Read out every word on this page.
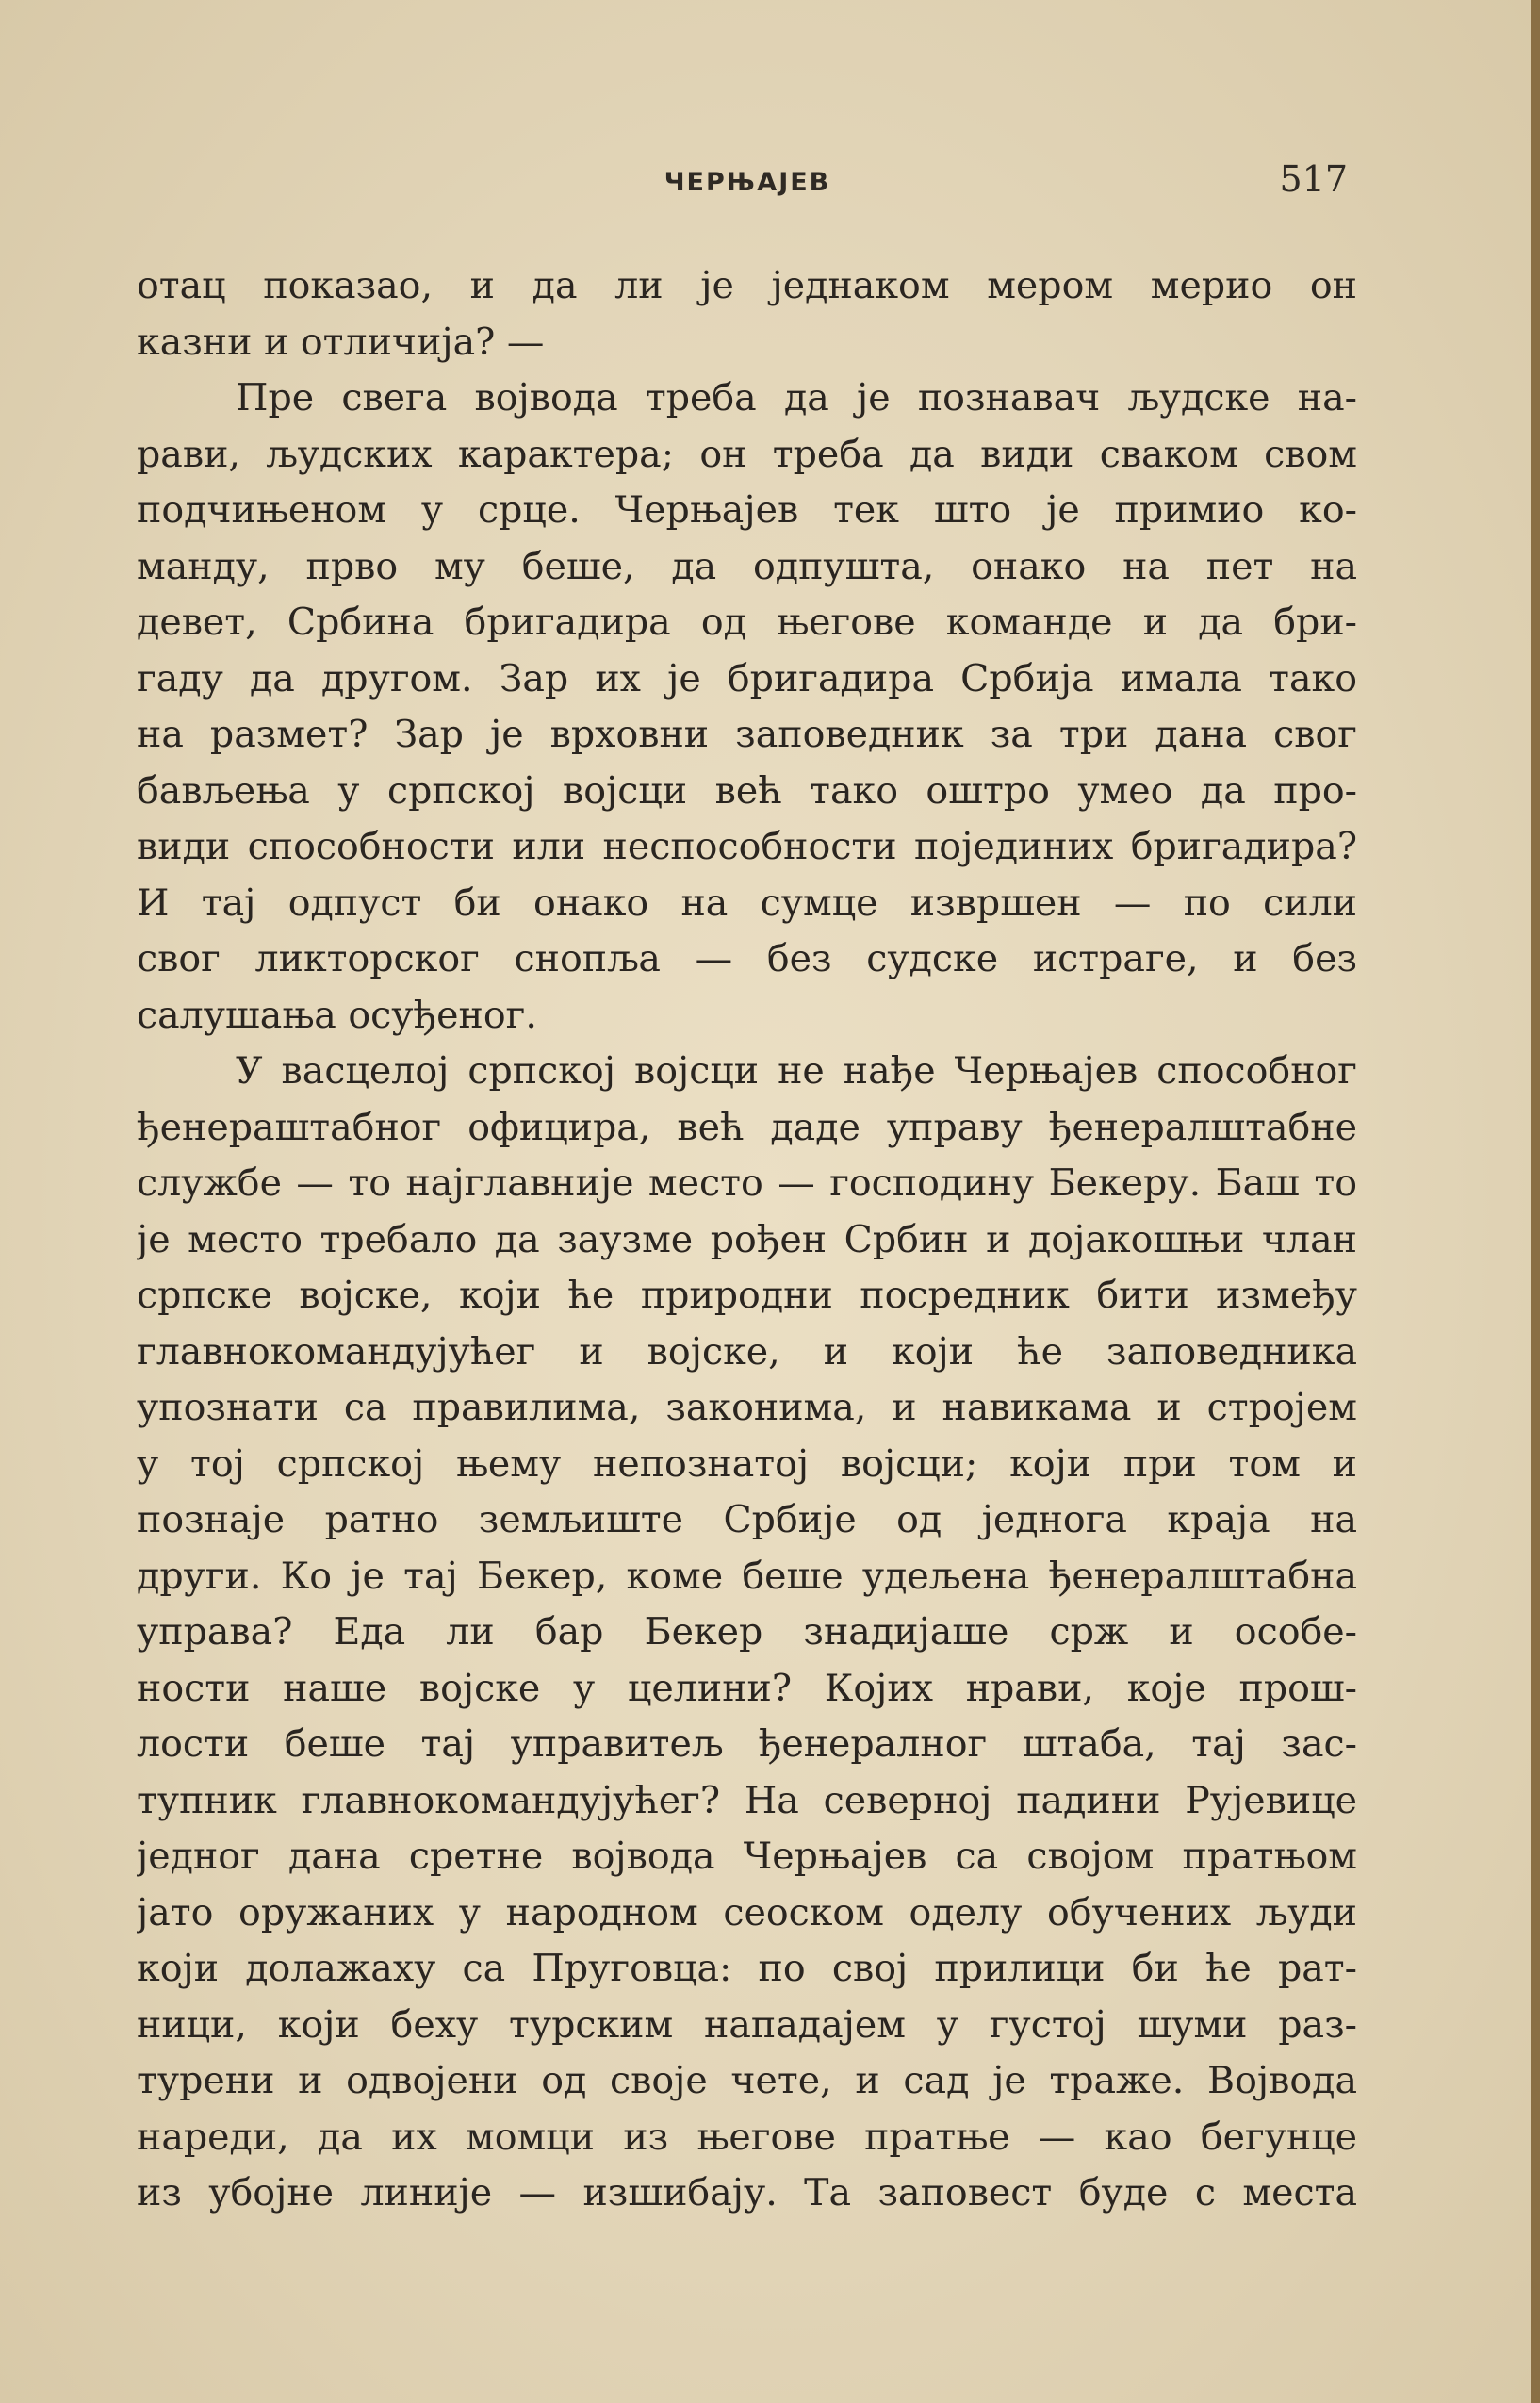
ЧЕРЊАЈЕВ	517
отац показао, и да ли је једнаком мером мерио он
казни и отличија? —
Пре свега војвода треба да је познавач људске на-
рави, људских карактера; он треба да види сваком свом
подчињеном у срце. Черњајев тек што је примио ко-
манду, прво му беше, да одпушта, онако на пет на
девет, Србина бригадира од његове команде и да бри-
гаду да другом. Зар их је бригадира Србија имала тако
на размет? Зар је врховни заповедник за три дана свог
бављења у српској војсци већ тако оштро умео да про-
види способности или неспособности појединих бригадира?
И тај одпуст би онако на сумце извршен — по сили
свог ликторског снопља — без судске истраге, и без
салушања осуђеног.
У васцелој српској војсци не нађе Черњајев способног
ђенераштабног официра, већ даде управу ђенералштабне
службе — то најглавније место — господину Бекеру. Баш то
је место требало да заузме рођен Србин и дојакошњи члан
српске војске, који ће природни посредник бити између
главнокомандујућег и војске, и који ће заповедника
упознати са правилима, законима, и навикама и стројем
у тој српској њему непознатој војсци; који при том и
познаје ратно земљиште Србије од једнога краја на
други. Ко је тај Бекер, коме беше удељена ђенералштабна
управа? Еда ли бар Бекер знадијаше срж и особе-
ности наше војске у целини? Којих нрави, које прош-
лости беше тај управитељ ђенералног штаба, тај зас-
тупник главнокомандујућег? На северној падини Рујевице
једног дана сретне војвода Черњајев са својом пратњом
јато оружаних у народном сеоском оделу обучених људи
који долажаху са Пруговца: по свој прилици би ће рат-
ници, који беху турским нападајем у густој шуми раз-
турени и одвојени од своје чете, и сад је траже. Војвода
нареди, да их момци из његове пратње — као бегунце
из убојне линије — изшибају. Та заповест буде с места
